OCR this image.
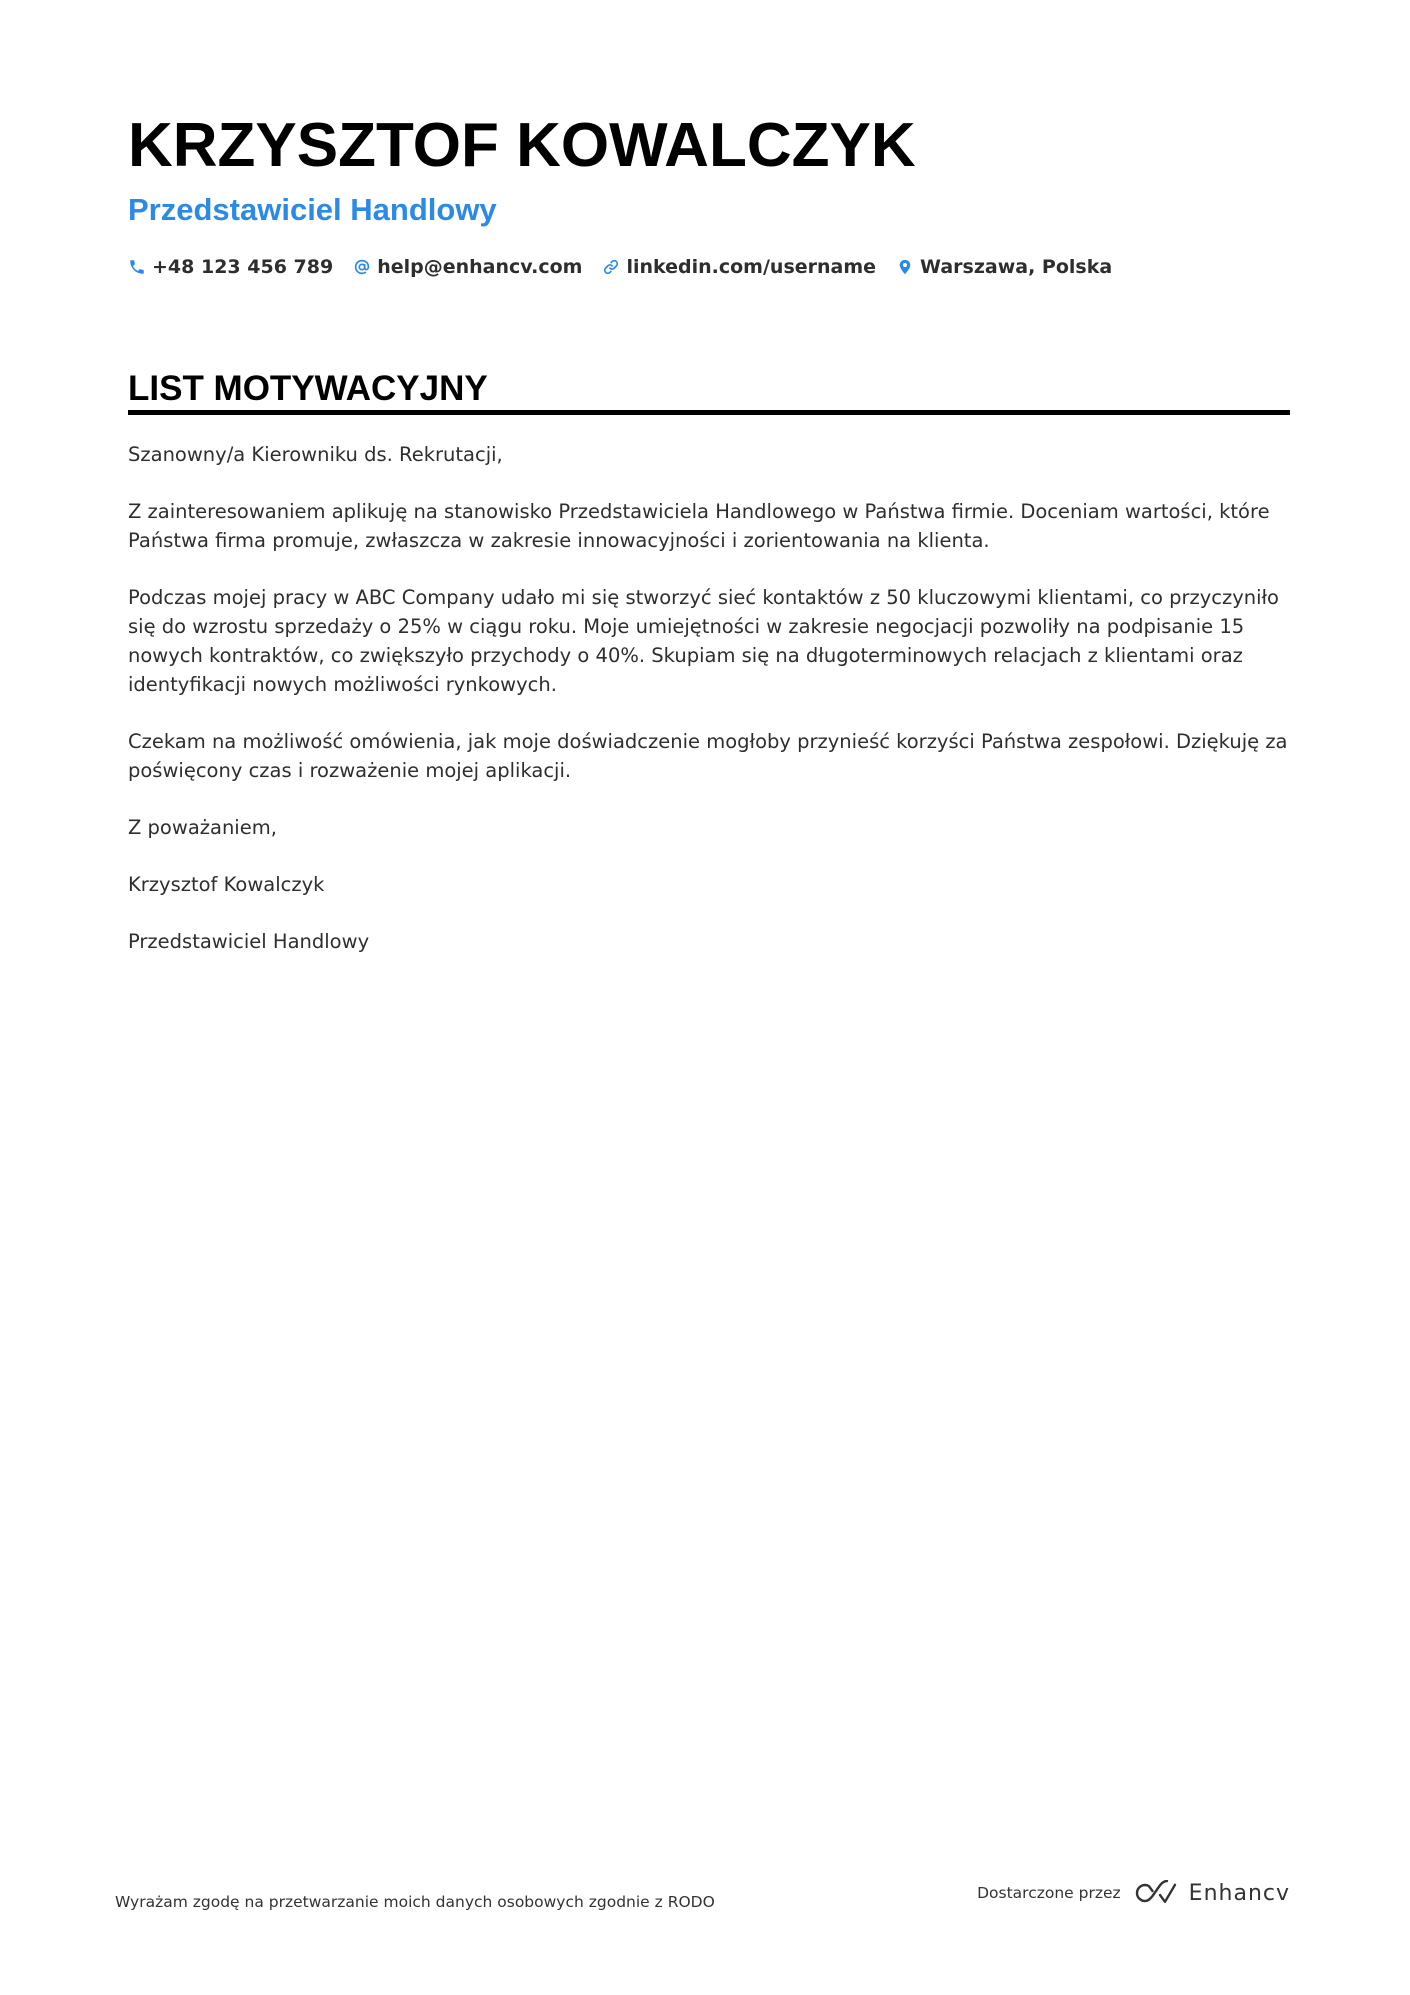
KRZYSZTOF KOWALCZYK
Przedstawiciel Handlowy
+48 123 456 789 help@enhancv.com linkedin.com/username Warszawa, Polska
LIST MOTYWACYJNY

Szanowny/a Kierowniku ds. Rekrutacji,

Z zainteresowaniem aplikuję na stanowisko Przedstawiciela Handlowego w Państwa firmie. Doceniam wartości, które Państwa firma promuje, zwłaszcza w zakresie innowacyjności i zorientowania na klienta.

Podczas mojej pracy w ABC Company udało mi się stworzyć sieć kontaktów z 50 kluczowymi klientami, co przyczyniło się do wzrostu sprzedaży o 25% w ciągu roku. Moje umiejętności w zakresie negocjacji pozwoliły na podpisanie 15 nowych kontraktów, co zwiększyło przychody o 40%. Skupiam się na długoterminowych relacjach z klientami oraz identyfikacji nowych możliwości rynkowych.

Czekam na możliwość omówienia, jak moje doświadczenie mogłoby przynieść korzyści Państwa zespołowi. Dziękuję za poświęcony czas i rozważenie mojej aplikacji.

Z poważaniem,

Krzysztof Kowalczyk

Przedstawiciel Handlowy

Wyrażam zgodę na przetwarzanie moich danych osobowych zgodnie z RODO	Dostarczone przez	Enhancv
